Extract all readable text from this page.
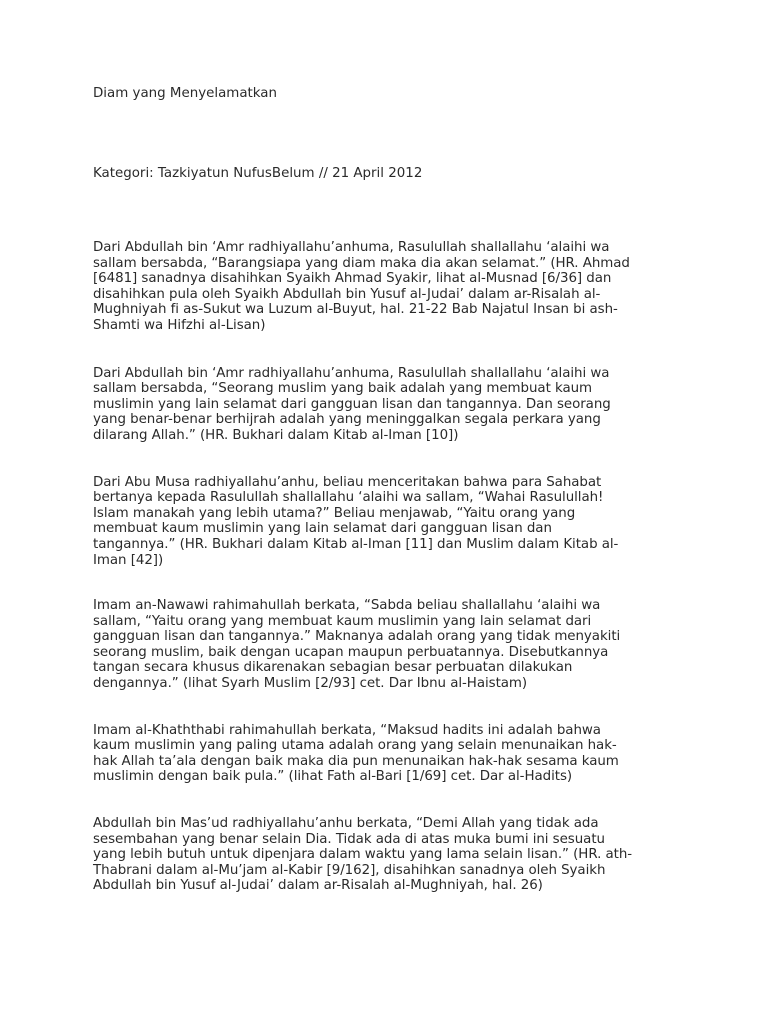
Diam yang Menyelamatkan

Kategori: Tazkiyatun NufusBelum // 21 April 2012

Dari Abdullah bin ‘Amr radhiyallahu’anhuma, Rasulullah shallallahu ‘alaihi wa
sallam bersabda, “Barangsiapa yang diam maka dia akan selamat.” (HR. Ahmad
[6481] sanadnya disahihkan Syaikh Ahmad Syakir, lihat al-Musnad [6/36] dan
disahihkan pula oleh Syaikh Abdullah bin Yusuf al-Judai’ dalam ar-Risalah al-
Mughniyah fi as-Sukut wa Luzum al-Buyut, hal. 21-22 Bab Najatul Insan bi ash-
Shamti wa Hifzhi al-Lisan)

Dari Abdullah bin ‘Amr radhiyallahu’anhuma, Rasulullah shallallahu ‘alaihi wa
sallam bersabda, “Seorang muslim yang baik adalah yang membuat kaum
muslimin yang lain selamat dari gangguan lisan dan tangannya. Dan seorang
yang benar-benar berhijrah adalah yang meninggalkan segala perkara yang
dilarang Allah.” (HR. Bukhari dalam Kitab al-Iman [10])

Dari Abu Musa radhiyallahu’anhu, beliau menceritakan bahwa para Sahabat
bertanya kepada Rasulullah shallallahu ‘alaihi wa sallam, “Wahai Rasulullah!
Islam manakah yang lebih utama?” Beliau menjawab, “Yaitu orang yang
membuat kaum muslimin yang lain selamat dari gangguan lisan dan
tangannya.” (HR. Bukhari dalam Kitab al-Iman [11] dan Muslim dalam Kitab al-
Iman [42])

Imam an-Nawawi rahimahullah berkata, “Sabda beliau shallallahu ‘alaihi wa
sallam, “Yaitu orang yang membuat kaum muslimin yang lain selamat dari
gangguan lisan dan tangannya.” Maknanya adalah orang yang tidak menyakiti
seorang muslim, baik dengan ucapan maupun perbuatannya. Disebutkannya
tangan secara khusus dikarenakan sebagian besar perbuatan dilakukan
dengannya.” (lihat Syarh Muslim [2/93] cet. Dar Ibnu al-Haistam)

Imam al-Khaththabi rahimahullah berkata, “Maksud hadits ini adalah bahwa
kaum muslimin yang paling utama adalah orang yang selain menunaikan hak-
hak Allah ta’ala dengan baik maka dia pun menunaikan hak-hak sesama kaum
muslimin dengan baik pula.” (lihat Fath al-Bari [1/69] cet. Dar al-Hadits)

Abdullah bin Mas’ud radhiyallahu’anhu berkata, “Demi Allah yang tidak ada
sesembahan yang benar selain Dia. Tidak ada di atas muka bumi ini sesuatu
yang lebih butuh untuk dipenjara dalam waktu yang lama selain lisan.” (HR. ath-
Thabrani dalam al-Mu’jam al-Kabir [9/162], disahihkan sanadnya oleh Syaikh
Abdullah bin Yusuf al-Judai’ dalam ar-Risalah al-Mughniyah, hal. 26)
